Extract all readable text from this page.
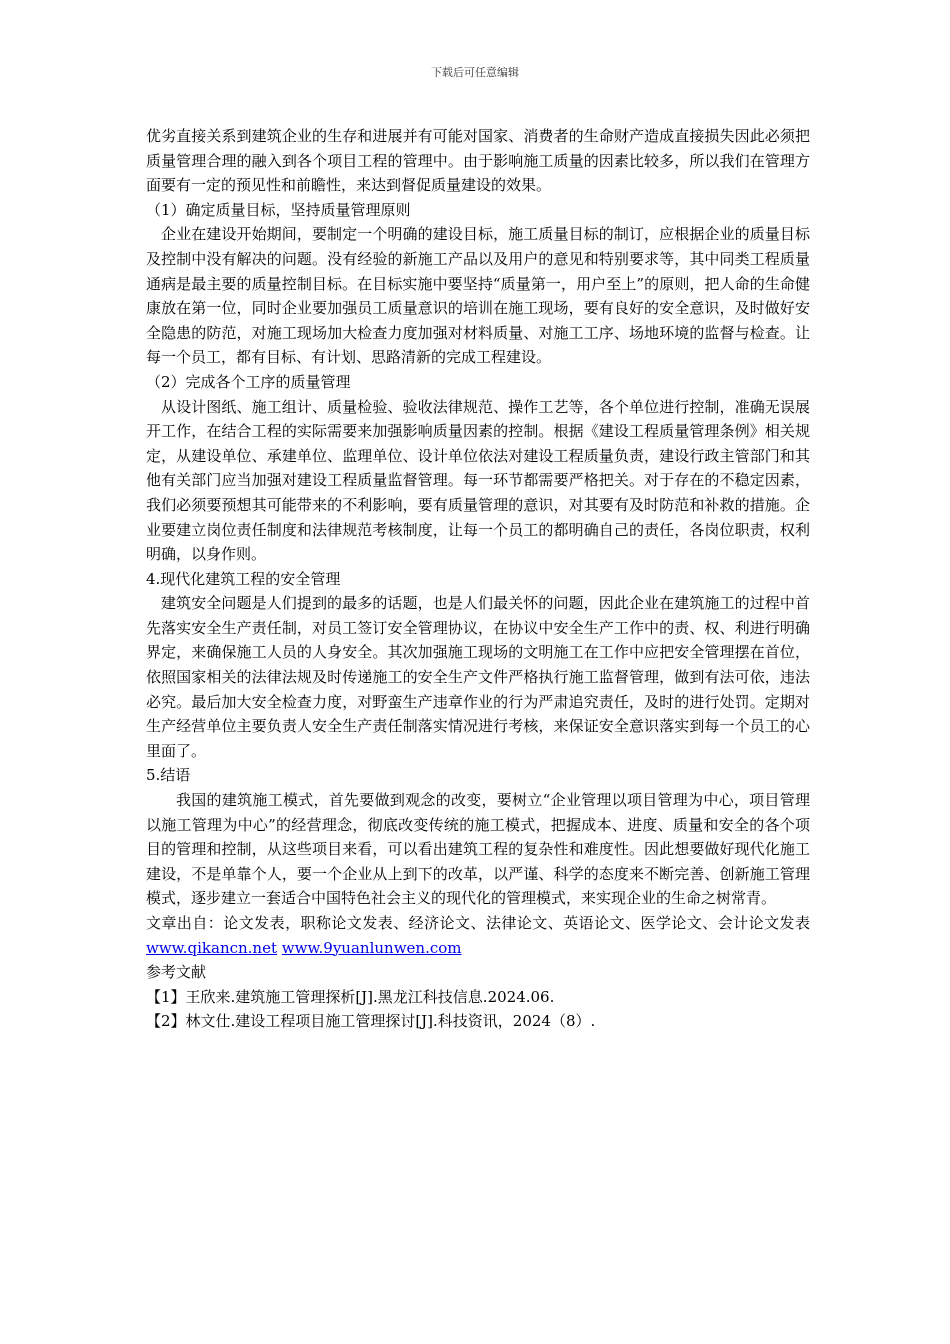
下载后可任意编辑

优劣直接关系到建筑企业的生存和进展并有可能对国家、消费者的生命财产造成直接损失因此必须把质量管理合理的融入到各个项目工程的管理中。由于影响施工质量的因素比较多，所以我们在管理方面要有一定的预见性和前瞻性，来达到督促质量建设的效果。

（1）确定质量目标，坚持质量管理原则

企业在建设开始期间，要制定一个明确的建设目标，施工质量目标的制订，应根据企业的质量目标及控制中没有解决的问题。没有经验的新施工产品以及用户的意见和特别要求等，其中同类工程质量通病是最主要的质量控制目标。在目标实施中要坚持“质量第一，用户至上”的原则，把人命的生命健康放在第一位，同时企业要加强员工质量意识的培训在施工现场，要有良好的安全意识，及时做好安全隐患的防范，对施工现场加大检查力度加强对材料质量、对施工工序、场地环境的监督与检查。让每一个员工，都有目标、有计划、思路清新的完成工程建设。

（2）完成各个工序的质量管理

从设计图纸、施工组计、质量检验、验收法律规范、操作工艺等，各个单位进行控制，准确无误展开工作，在结合工程的实际需要来加强影响质量因素的控制。根据《建设工程质量管理条例》相关规定，从建设单位、承建单位、监理单位、设计单位依法对建设工程质量负责，建设行政主管部门和其他有关部门应当加强对建设工程质量监督管理。每一环节都需要严格把关。对于存在的不稳定因素，我们必须要预想其可能带来的不利影响，要有质量管理的意识，对其要有及时防范和补救的措施。企业要建立岗位责任制度和法律规范考核制度，让每一个员工的都明确自己的责任，各岗位职责，权利明确，以身作则。

4.现代化建筑工程的安全管理

建筑安全问题是人们提到的最多的话题，也是人们最关怀的问题，因此企业在建筑施工的过程中首先落实安全生产责任制，对员工签订安全管理协议，在协议中安全生产工作中的责、权、利进行明确界定，来确保施工人员的人身安全。其次加强施工现场的文明施工在工作中应把安全管理摆在首位，依照国家相关的法律法规及时传递施工的安全生产文件严格执行施工监督管理，做到有法可依，违法必究。最后加大安全检查力度，对野蛮生产违章作业的行为严肃追究责任，及时的进行处罚。定期对生产经营单位主要负责人安全生产责任制落实情况进行考核，来保证安全意识落实到每一个员工的心里面了。

5.结语

我国的建筑施工模式，首先要做到观念的改变，要树立“企业管理以项目管理为中心，项目管理以施工管理为中心”的经营理念，彻底改变传统的施工模式，把握成本、进度、质量和安全的各个项目的管理和控制，从这些项目来看，可以看出建筑工程的复杂性和难度性。因此想要做好现代化施工建设，不是单靠个人，要一个企业从上到下的改革，以严谨、科学的态度来不断完善、创新施工管理模式，逐步建立一套适合中国特色社会主义的现代化的管理模式，来实现企业的生命之树常青。

文章出自：论文发表，职称论文发表、经济论文、法律论文、英语论文、医学论文、会计论文发表 www.qikancn.net www.9yuanlunwen.com

参考文献

【1】王欣来.建筑施工管理探析[J].黑龙江科技信息.2024.06.

【2】林文仕.建设工程项目施工管理探讨[J].科技资讯，2024（8）.
